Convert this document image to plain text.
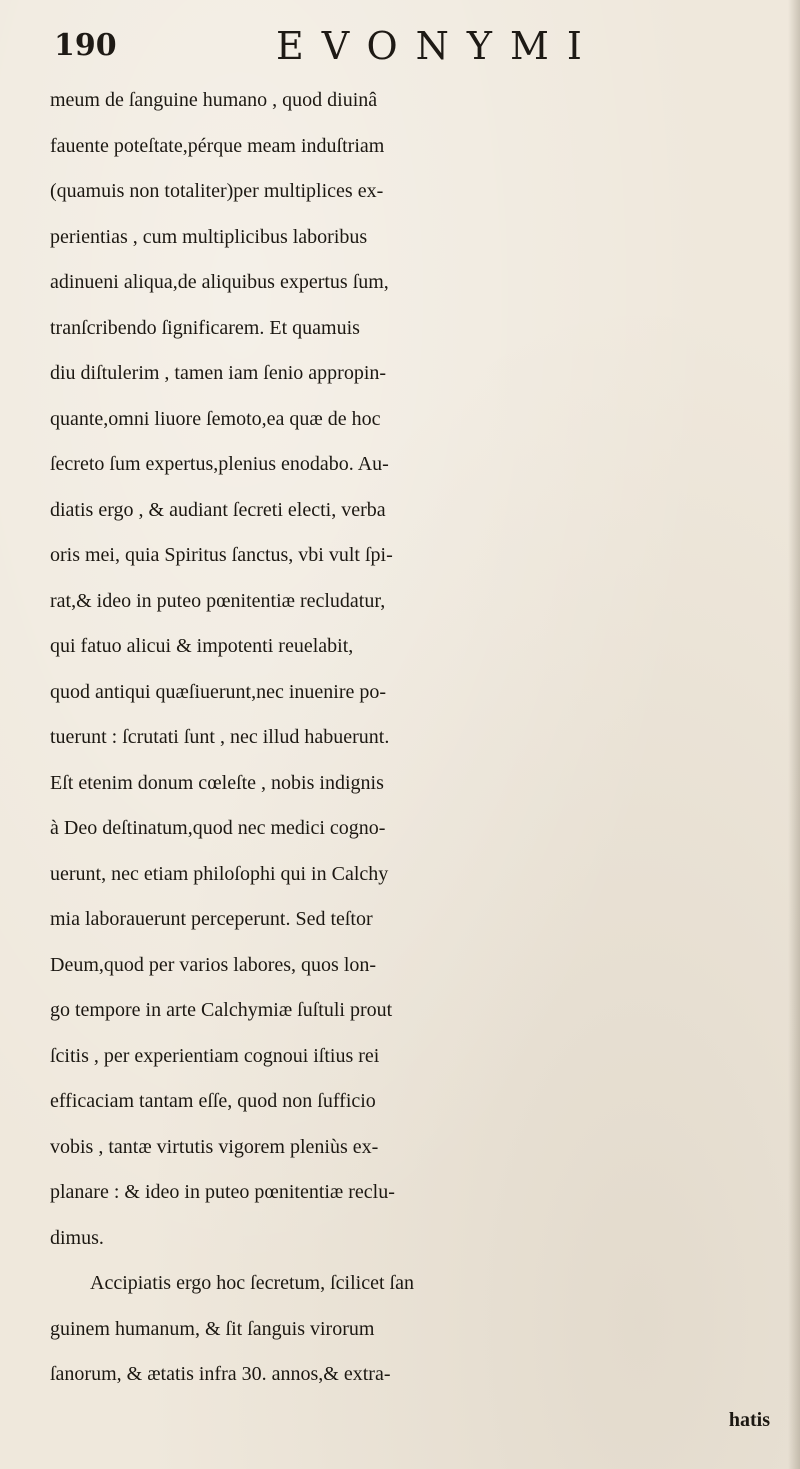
190	EVONYMI
meum de ſanguine humano , quod diuinâ
fauente poteſtate,pérque meam induſtriam
(quamuis non totaliter)per multiplices ex-
perientias , cum multiplicibus laboribus
adinueni aliqua,de aliquibus expertus ſum,
tranſcribendo ſignificarem. Et quamuis
diu diſtulerim , tamen iam ſenio appropin-
quante,omni liuore ſemoto,ea quæ de hoc
ſecreto ſum expertus,plenius enodabo. Au-
diatis ergo , & audiant ſecreti electi, verba
oris mei, quia Spiritus ſanctus, vbi vult ſpi-
rat,& ideo in puteo pœnitentiæ recludatur,
qui fatuo alicui & impotenti reuelabit,
quod antiqui quæſiuerunt,nec inuenire po-
tuerunt : ſcrutati ſunt , nec illud habuerunt.
Eſt etenim donum cœleſte , nobis indignis
à Deo deſtinatum,quod nec medici cogno-
uerunt, nec etiam philoſophi qui in Calchy
mia laborauerunt perceperunt. Sed teſtor
Deum,quod per varios labores, quos lon-
go tempore in arte Calchymiæ ſuſtuli prout
ſcitis , per experientiam cognoui iſtius rei
efficaciam tantam eſſe, quod non ſufficio
vobis , tantæ virtutis vigorem pleniùs ex-
planare : & ideo in puteo pœnitentiæ reclu-
dimus.
Accipiatis ergo hoc ſecretum, ſcilicet ſan
guinem humanum, & ſit ſanguis virorum
ſanorum, & ætatis infra 30. annos,& extra-
hatis
